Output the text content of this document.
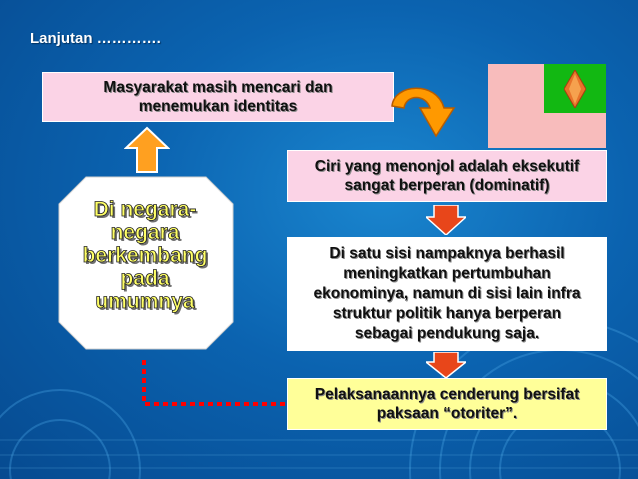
Lanjutan ………….
Masyarakat masih mencari dan
menemukan identitas
Ciri yang menonjol adalah eksekutif
sangat berperan (dominatif)
Di satu sisi nampaknya berhasil
meningkatkan pertumbuhan
ekonominya, namun di sisi lain infra
struktur politik hanya berperan
sebagai pendukung saja.
Pelaksanaannya cenderung bersifat
paksaan “otoriter”.
Di negara-
negara
berkembang
pada
umumnya
